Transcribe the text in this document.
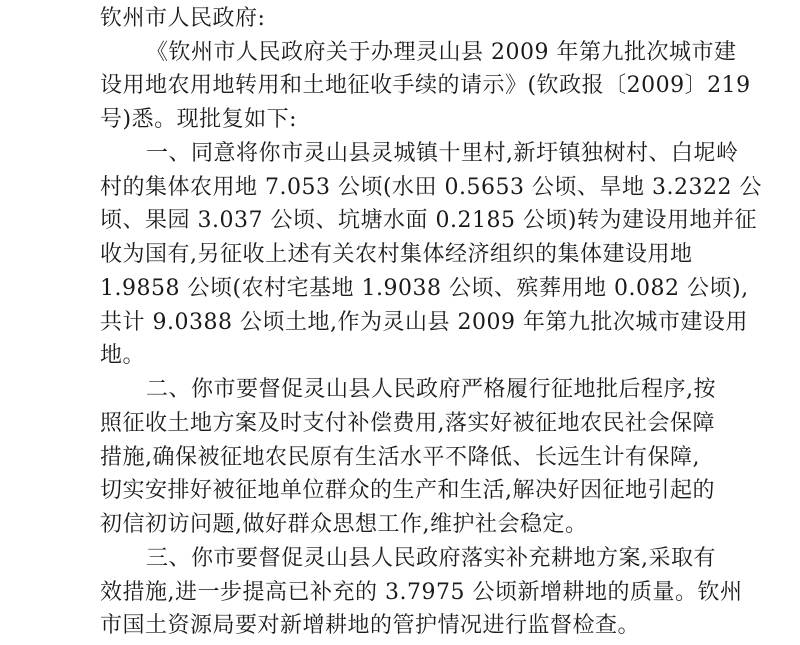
钦州市人民政府:
《钦州市人民政府关于办理灵山县 2009 年第九批次城市建
设用地农用地转用和土地征收手续的请示》(钦政报〔2009〕219
号)悉。现批复如下:
一、同意将你市灵山县灵城镇十里村,新圩镇独树村、白坭岭
村的集体农用地 7.053 公顷(水田 0.5653 公顷、旱地 3.2322 公
顷、果园 3.037 公顷、坑塘水面 0.2185 公顷)转为建设用地并征
收为国有,另征收上述有关农村集体经济组织的集体建设用地
1.9858 公顷(农村宅基地 1.9038 公顷、殡葬用地 0.082 公顷),
共计 9.0388 公顷土地,作为灵山县 2009 年第九批次城市建设用
地。
二、你市要督促灵山县人民政府严格履行征地批后程序,按
照征收土地方案及时支付补偿费用,落实好被征地农民社会保障
措施,确保被征地农民原有生活水平不降低、长远生计有保障,
切实安排好被征地单位群众的生产和生活,解决好因征地引起的
初信初访问题,做好群众思想工作,维护社会稳定。
三、你市要督促灵山县人民政府落实补充耕地方案,采取有
效措施,进一步提高已补充的 3.7975 公顷新增耕地的质量。钦州
市国土资源局要对新增耕地的管护情况进行监督检查。
